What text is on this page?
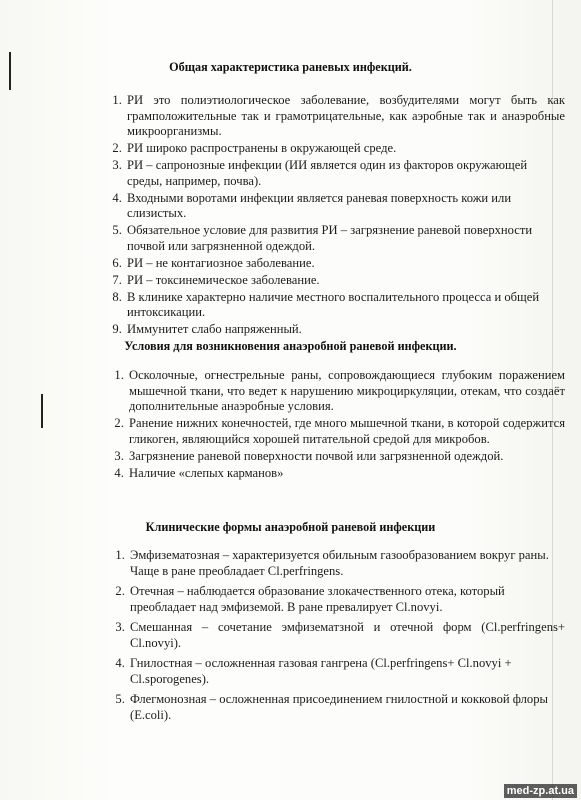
Общая характеристика раневых инфекций.
1. РИ это полиэтиологическое заболевание, возбудителями могут быть как грамположительные так и грамотрицательные, как аэробные так и анаэробные микроорганизмы.
2. РИ широко распространены в окружающей среде.
3. РИ – сапронозные инфекции (ИИ является один из факторов окружающей среды, например, почва).
4. Входными воротами инфекции является раневая поверхность кожи или слизистых.
5. Обязательное условие для развития РИ – загрязнение раневой поверхности почвой или загрязненной одеждой.
6. РИ – не контагиозное заболевание.
7. РИ – токсинемическое заболевание.
8. В клинике характерно наличие местного воспалительного процесса и общей интоксикации.
9. Иммунитет слабо напряженный.
Условия для возникновения анаэробной раневой инфекции.
1. Осколочные, огнестрельные раны, сопровождающиеся глубоким поражением мышечной ткани, что ведет к нарушению микроциркуляции, отекам, что создаёт дополнительные анаэробные условия.
2. Ранение нижних конечностей, где много мышечной ткани, в которой содержится гликоген, являющийся хорошей питательной средой для микробов.
3. Загрязнение раневой поверхности почвой или загрязненной одеждой.
4. Наличие «слепых карманов»
Клинические формы анаэробной раневой инфекции
1. Эмфизематозная – характеризуется обильным газообразованием вокруг раны. Чаще в ране преобладает Cl.perfringens.
2. Отечная – наблюдается образование злокачественного отека, который преобладает над эмфиземой. В ране превалирует Cl.novyi.
3. Смешанная – сочетание эмфизематзной и отечной форм (Cl.perfringens+ Cl.novyi).
4. Гнилостная – осложненная газовая гангрена (Cl.perfringens+ Cl.novyi + Cl.sporogenes).
5. Флегмонозная – осложненная присоединением гнилостной и кокковой флоры (E.coli).
med-zp.at.ua
